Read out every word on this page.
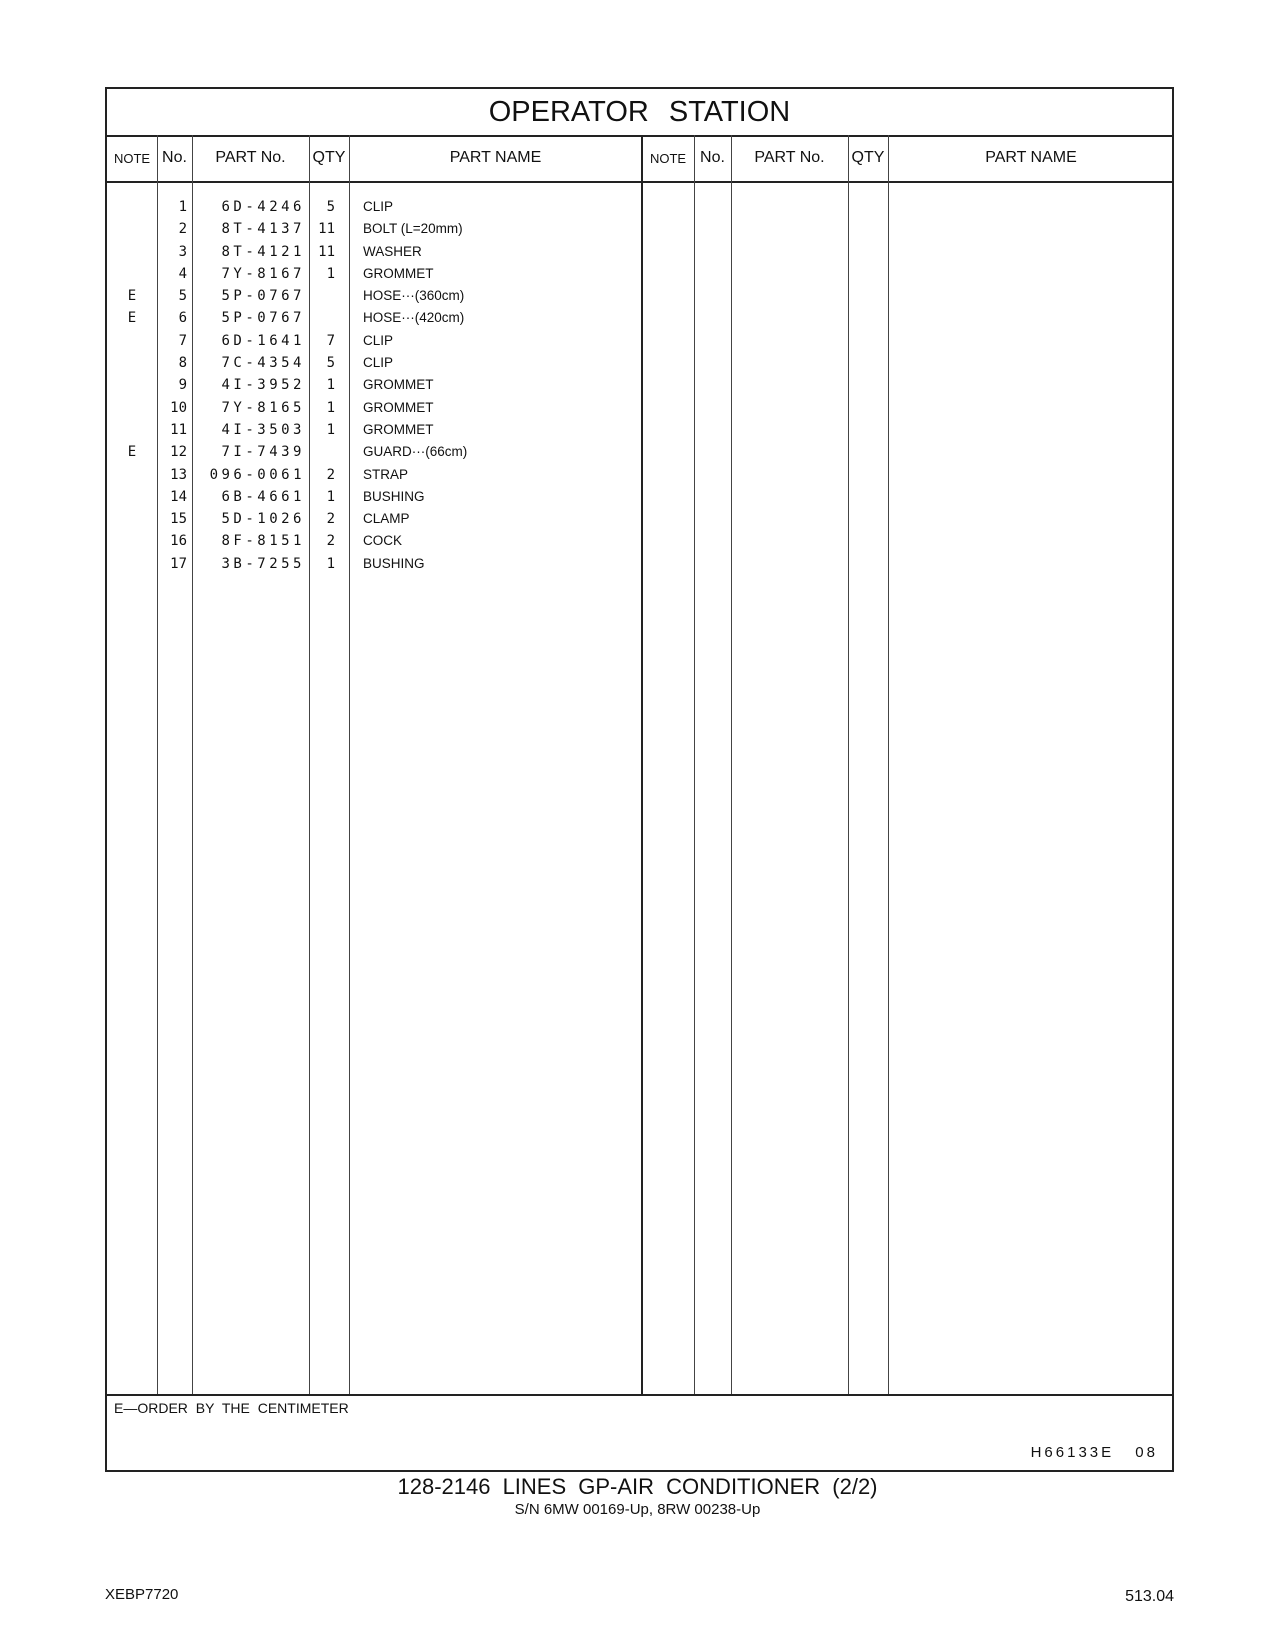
OPERATOR STATION
NOTE No.	PART No.	QTY	PART NAME	NOTE No.	PART No.	QTY	PART NAME
1	6D-4246	5 CLIP
2	8T-4137 11 BOLT (L=20mm)
3	8T-4121 11 WASHER
4	7Y-8167	1 GROMMET
E	5	5P-0767	HOSE···(360cm)
E	6	5P-0767	HOSE···(420cm)
7	6D-1641	7 CLIP
8	7C-4354	5 CLIP
9	4I-3952	1 GROMMET
10	7Y-8165	1 GROMMET
11	4I-3503	1 GROMMET
E	12	7I-7439	GUARD···(66cm)
13	096-0061	2 STRAP
14	6B-4661	1 BUSHING
15	5D-1026	2 CLAMP
16	8F-8151	2 COCK
17	3B-7255	1 BUSHING
E—ORDER BY THE CENTIMETER
H66133E 08
128-2146 LINES GP-AIR CONDITIONER (2/2)
S/N 6MW 00169-Up, 8RW 00238-Up
XEBP7720	513.04
